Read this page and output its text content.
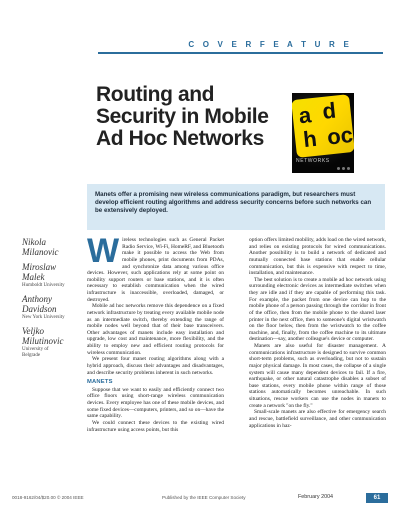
C O V E R F E A T U R E
Routing and Security in Mobile Ad Hoc Networks
a d
h oc
NETWORKS
Manets offer a promising new wireless communications paradigm, but researchers must develop efficient routing algorithms and address security concerns before such networks can be extensively deployed.
Nikola
Milanovic
Miroslaw
Malek
Humboldt University
Anthony
Davidson
New York University
Veljko
Milutinovic
University of
Belgrade
W ireless technologies such as General Packet Radio Service, Wi-Fi, HomeRF, and Bluetooth make it possible to access the Web from mobile phones, print documents from PDAs, and synchronize data among various office devices. However, such applications rely at some point on mobility support routers or base stations, and it is often necessary to establish communication when the wired infrastructure is inaccessible, overloaded, damaged, or destroyed.

Mobile ad hoc networks remove this dependence on a fixed network infrastructure by treating every available mobile node as an intermediate switch, thereby extending the range of mobile nodes well beyond that of their base transceivers. Other advantages of manets include easy installation and upgrade, low cost and maintenance, more flexibility, and the ability to employ new and efficient routing protocols for wireless communication.

We present four manet routing algorithms along with a hybrid approach, discuss their advantages and disadvantages, and describe security problems inherent in such networks.

MANETS

Suppose that we want to easily and efficiently connect two office floors using short-range wireless communication devices. Every employee has one of these mobile devices, and some fixed devices—computers, printers, and so on—have the same capability.

We could connect these devices to the existing wired infrastructure using access points, but this

option offers limited mobility, adds load on the wired network, and relies on existing protocols for wired communications. Another possibility is to build a network of dedicated and mutually connected base stations that enable cellular communication, but this is expensive with respect to time, installation, and maintenance.

The best solution is to create a mobile ad hoc network using surrounding electronic devices as intermediate switches when they are idle and if they are capable of performing this task. For example, the packet from one device can hop to the mobile phone of a person passing through the corridor in front of the office, then from the mobile phone to the shared laser printer in the next office, then to someone's digital wristwatch on the floor below, then from the wristwatch to the coffee machine, and, finally, from the coffee machine to its ultimate destination—say, another colleague's device or computer.

Manets are also useful for disaster management. A communications infrastructure is designed to survive common short-term problems, such as overloading, but not to sustain major physical damage. In most cases, the collapse of a single system will cause many dependent devices to fail. If a fire, earthquake, or other natural catastrophe disables a subset of base stations, every mobile phone within range of those stations automatically becomes unreachable. In such situations, rescue workers can use the nodes in manets to create a network "on the fly."

Small-scale manets are also effective for emergency search and rescue, battlefield surveillance, and other communication applications in haz-

0018-9162/04/$20.00 © 2004 IEEE	Published by the IEEE Computer Society	February 2004	61
